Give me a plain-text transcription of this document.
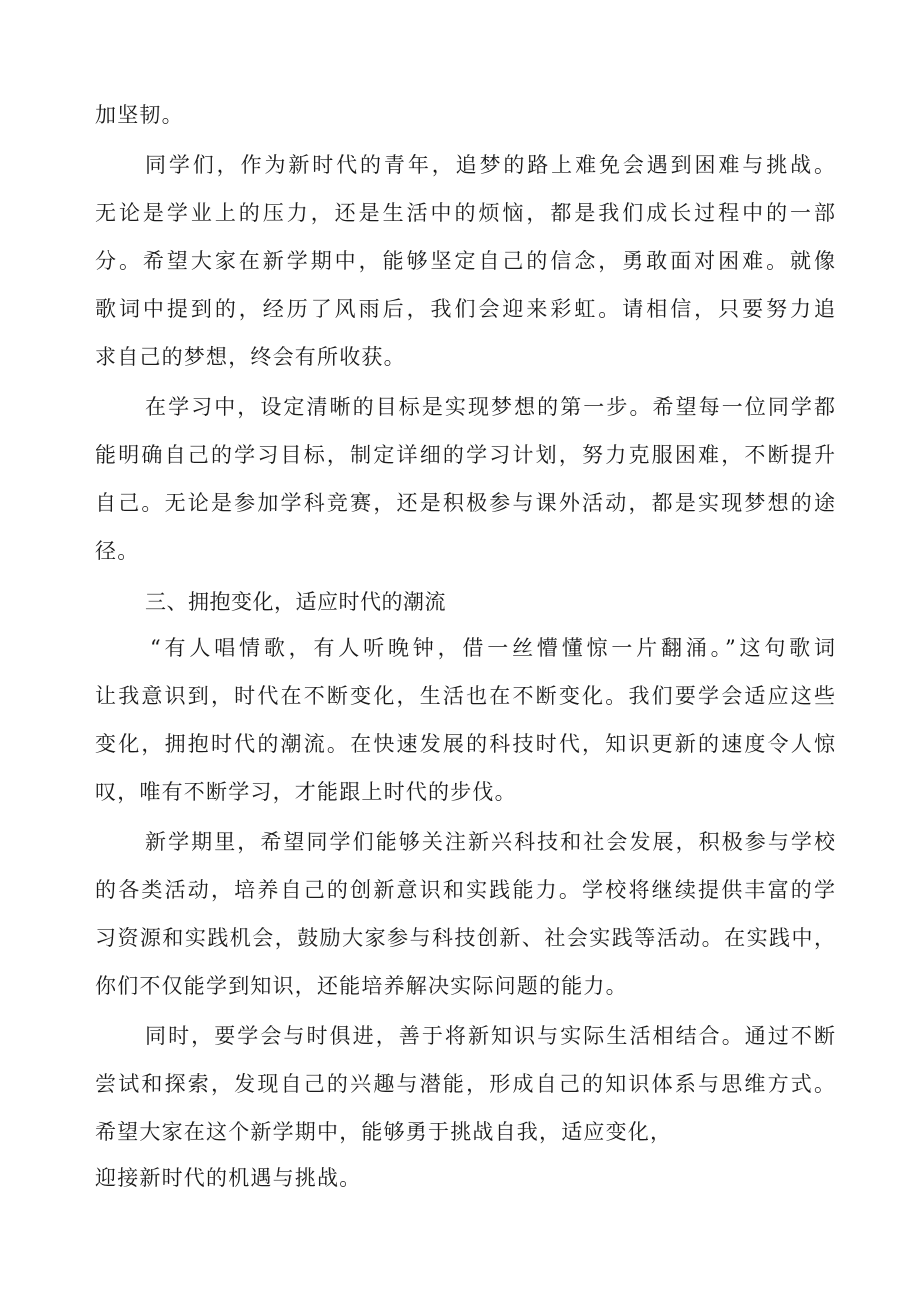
加坚韧。
同学们，作为新时代的青年，追梦的路上难免会遇到困难与挑战。
无论是学业上的压力，还是生活中的烦恼，都是我们成长过程中的一部
分。希望大家在新学期中，能够坚定自己的信念，勇敢面对困难。就像
歌词中提到的，经历了风雨后，我们会迎来彩虹。请相信，只要努力追
求自己的梦想，终会有所收获。
在学习中，设定清晰的目标是实现梦想的第一步。希望每一位同学都
能明确自己的学习目标，制定详细的学习计划，努力克服困难，不断提升
自己。无论是参加学科竞赛，还是积极参与课外活动，都是实现梦想的途
径。
三、拥抱变化，适应时代的潮流
“有人唱情歌，有人听晚钟，借一丝懵懂惊一片翻涌。”这句歌词
让我意识到，时代在不断变化，生活也在不断变化。我们要学会适应这些
变化，拥抱时代的潮流。在快速发展的科技时代，知识更新的速度令人惊
叹，唯有不断学习，才能跟上时代的步伐。
新学期里，希望同学们能够关注新兴科技和社会发展，积极参与学校
的各类活动，培养自己的创新意识和实践能力。学校将继续提供丰富的学
习资源和实践机会，鼓励大家参与科技创新、社会实践等活动。在实践中，
你们不仅能学到知识，还能培养解决实际问题的能力。
同时，要学会与时俱进，善于将新知识与实际生活相结合。通过不断
尝试和探索，发现自己的兴趣与潜能，形成自己的知识体系与思维方式。
希望大家在这个新学期中，能够勇于挑战自我，适应变化，
迎接新时代的机遇与挑战。
